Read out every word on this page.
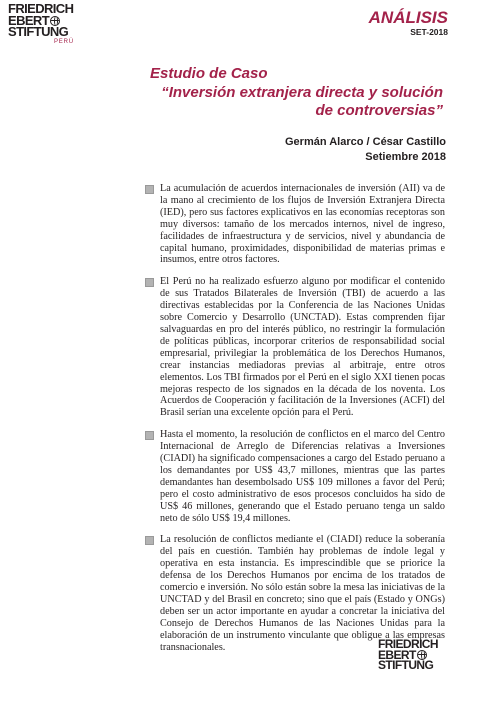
FRIEDRICH
EBERT
STIFTUNG
PERÚ
ANÁLISIS
SET-2018
Estudio de Caso
“Inversión extranjera directa y solución
de controversias”
Germán Alarco / César Castillo
Setiembre 2018
La acumulación de acuerdos internacionales de inversión (AII) va de la mano al crecimiento de los flujos de Inversión Extranjera Directa (IED), pero sus factores explicativos en las economías receptoras son muy diversos: tamaño de los mercados internos, nivel de ingreso, facilidades de infraestructura y de servicios, nivel y abundancia de capital humano, proximidades, disponibilidad de materias primas e insumos, entre otros factores.
El Perú no ha realizado esfuerzo alguno por modificar el contenido de sus Tratados Bilaterales de Inversión (TBI) de acuerdo a las directivas establecidas por la Conferencia de las Naciones Unidas sobre Comercio y Desarrollo (UNCTAD). Estas comprenden fijar salvaguardas en pro del interés público, no restringir la formulación de políticas públicas, incorporar criterios de responsabilidad social empresarial, privilegiar la problemática de los Derechos Humanos, crear instancias mediadoras previas al arbitraje, entre otros elementos. Los TBI firmados por el Perú en el siglo XXI tienen pocas mejoras respecto de los signados en la década de los noventa. Los Acuerdos de Cooperación y facilitación de la Inversiones (ACFI) del Brasil serían una excelente opción para el Perú.
Hasta el momento, la resolución de conflictos en el marco del Centro Internacional de Arreglo de Diferencias relativas a Inversiones (CIADI) ha significado compensaciones a cargo del Estado peruano a los demandantes por US$ 43,7 millones, mientras que las partes demandantes han desembolsado US$ 109 millones a favor del Perú; pero el costo administrativo de esos procesos concluidos ha sido de US$ 46 millones, generando que el Estado peruano tenga un saldo neto de sólo US$ 19,4 millones.
La resolución de conflictos mediante el (CIADI) reduce la soberanía del país en cuestión. También hay problemas de índole legal y operativa en esta instancia. Es imprescindible que se priorice la defensa de los Derechos Humanos por encima de los tratados de comercio e inversión. No sólo están sobre la mesa las iniciativas de la UNCTAD y del Brasil en concreto; sino que el país (Estado y ONGs) deben ser un actor importante en ayudar a concretar la iniciativa del Consejo de Derechos Humanos de las Naciones Unidas para la elaboración de un instrumento vinculante que obligue a las empresas transnacionales.	FRIEDRICH
EBERT
STIFTUNG
